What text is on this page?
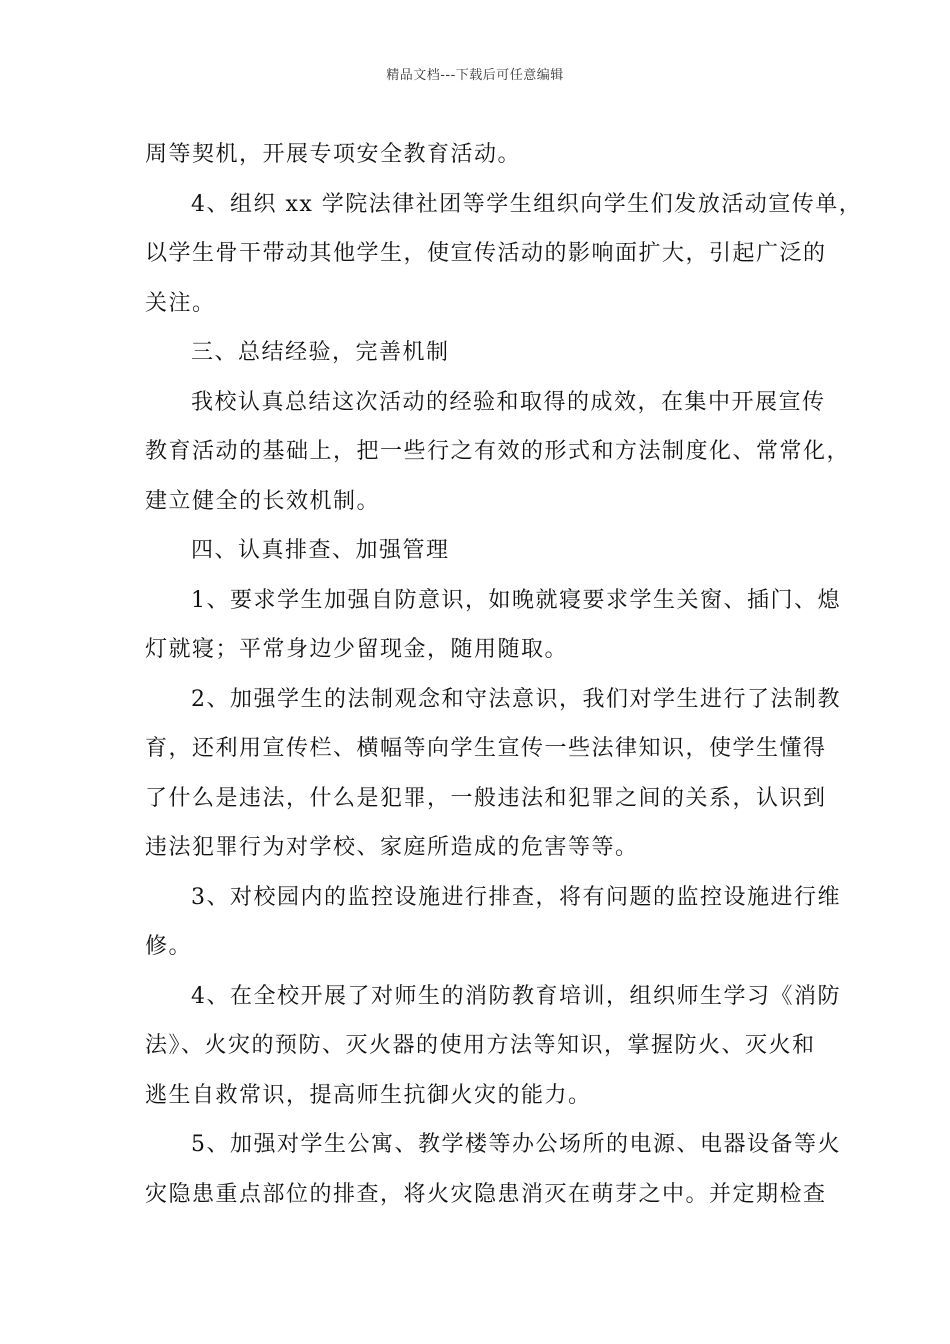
精品文档---下载后可任意编辑
周等契机，开展专项安全教育活动。
4、组织 xx 学院法律社团等学生组织向学生们发放活动宣传单，
以学生骨干带动其他学生，使宣传活动的影响面扩大，引起广泛的
关注。
三、总结经验，完善机制
我校认真总结这次活动的经验和取得的成效，在集中开展宣传
教育活动的基础上，把一些行之有效的形式和方法制度化、常常化，
建立健全的长效机制。
四、认真排查、加强管理
1、要求学生加强自防意识，如晚就寝要求学生关窗、插门、熄
灯就寝；平常身边少留现金，随用随取。
2、加强学生的法制观念和守法意识，我们对学生进行了法制教
育，还利用宣传栏、横幅等向学生宣传一些法律知识，使学生懂得
了什么是违法，什么是犯罪，一般违法和犯罪之间的关系，认识到
违法犯罪行为对学校、家庭所造成的危害等等。
3、对校园内的监控设施进行排查，将有问题的监控设施进行维
修。
4、在全校开展了对师生的消防教育培训，组织师生学习《消防
法》、火灾的预防、灭火器的使用方法等知识，掌握防火、灭火和
逃生自救常识，提高师生抗御火灾的能力。
5、加强对学生公寓、教学楼等办公场所的电源、电器设备等火
灾隐患重点部位的排查，将火灾隐患消灭在萌芽之中。并定期检查
